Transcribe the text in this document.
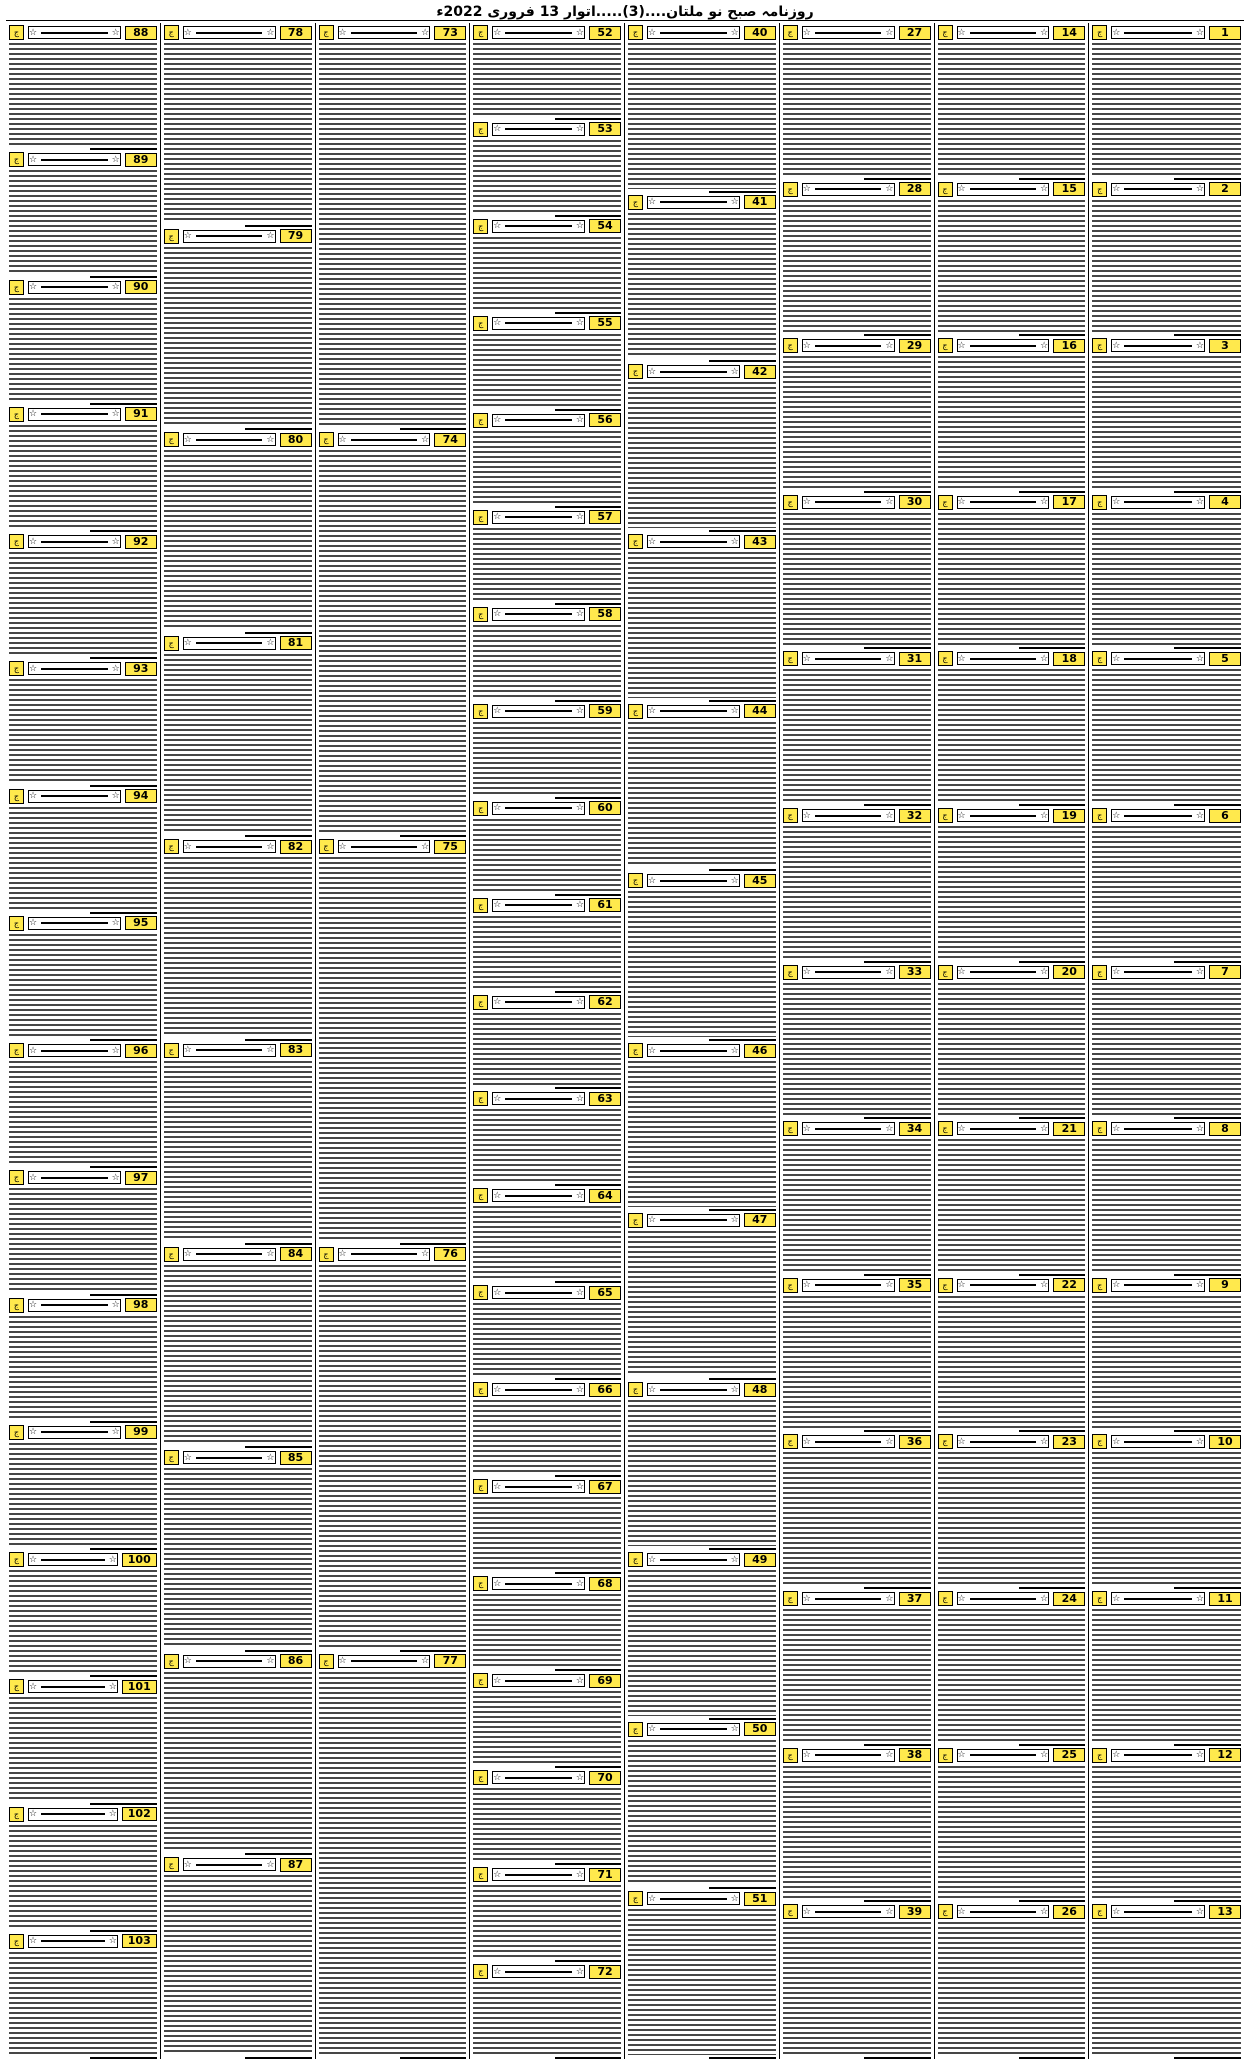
روزنامہ صبح نو ملتان....(3).....اتوار 13 فروری 2022ء
ج	☆	☆	1
ج	☆	☆	2
ج	☆	☆	3
ج	☆	☆	4
ج	☆	☆	5
ج	☆	☆	6
ج	☆	☆	7
ج	☆	☆	8
ج	☆	☆	9
ج	☆	☆	10
ج	☆	☆	11
ج	☆	☆	12
ج	☆	☆	13
ج	☆	☆	14
ج	☆	☆	15
ج	☆	☆	16
ج	☆	☆	17
ج	☆	☆	18
ج	☆	☆	19
ج	☆	☆	20
ج	☆	☆	21
ج	☆	☆	22
ج	☆	☆	23
ج	☆	☆	24
ج	☆	☆	25
ج	☆	☆	26
ج	☆	☆	27
ج	☆	☆	28
ج	☆	☆	29
ج	☆	☆	30
ج	☆	☆	31
ج	☆	☆	32
ج	☆	☆	33
ج	☆	☆	34
ج	☆	☆	35
ج	☆	☆	36
ج	☆	☆	37
ج	☆	☆	38
ج	☆	☆	39
ج	☆	☆	40
ج	☆	☆	41
ج	☆	☆	42
ج	☆	☆	43
ج	☆	☆	44
ج	☆	☆	45
ج	☆	☆	46
ج	☆	☆	47
ج	☆	☆	48
ج	☆	☆	49
ج	☆	☆	50
ج	☆	☆	51
ج	☆	☆	52
ج	☆	☆	53
ج	☆	☆	54
ج	☆	☆	55
ج	☆	☆	56
ج	☆	☆	57
ج	☆	☆	58
ج	☆	☆	59
ج	☆	☆	60
ج	☆	☆	61
ج	☆	☆	62
ج	☆	☆	63
ج	☆	☆	64
ج	☆	☆	65
ج	☆	☆	66
ج	☆	☆	67
ج	☆	☆	68
ج	☆	☆	69
ج	☆	☆	70
ج	☆	☆	71
ج	☆	☆	72
ج	☆	☆	73
ج	☆	☆	74
ج	☆	☆	75
ج	☆	☆	76
ج	☆	☆	77
ج	☆	☆	78
ج	☆	☆	79
ج	☆	☆	80
ج	☆	☆	81
ج	☆	☆	82
ج	☆	☆	83
ج	☆	☆	84
ج	☆	☆	85
ج	☆	☆	86
ج	☆	☆	87
ج	☆	☆	88
ج	☆	☆	89
ج	☆	☆	90
ج	☆	☆	91
ج	☆	☆	92
ج	☆	☆	93
ج	☆	☆	94
ج	☆	☆	95
ج	☆	☆	96
ج	☆	☆	97
ج	☆	☆	98
ج	☆	☆	99
ج	☆	☆	100
ج	☆	☆	101
ج	☆	☆	102
ج	☆	☆	103
